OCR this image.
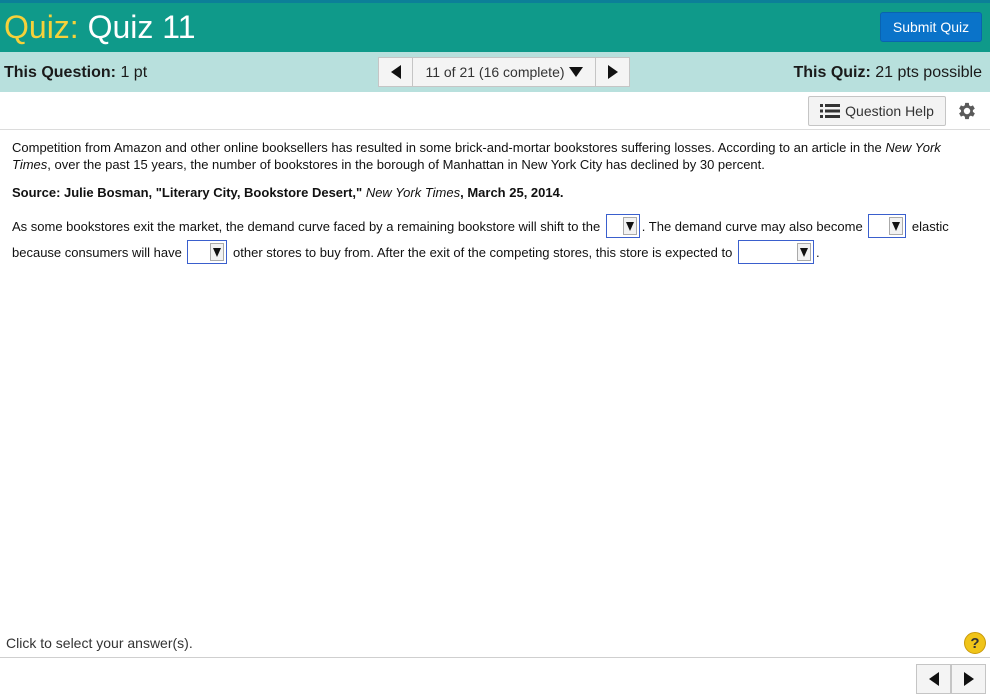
Quiz: Quiz 11	Submit Quiz
This Question: 1 pt	11 of 21 (16 complete)	This Quiz: 21 pts possible
Question Help

Competition from Amazon and other online booksellers has resulted in some brick-and-mortar bookstores suffering losses. According to an article in the New York Times, over the past 15 years, the number of bookstores in the borough of Manhattan in New York City has declined by 30 percent.

Source: Julie Bosman, "Literary City, Bookstore Desert," New York Times, March 25, 2014.

As some bookstores exit the market, the demand curve faced by a remaining bookstore will shift to the	. The demand curve may also become	elastic because consumers will have	other stores to buy from. After the exit of the competing stores, this store is expected to	.

Click to select your answer(s).	?
